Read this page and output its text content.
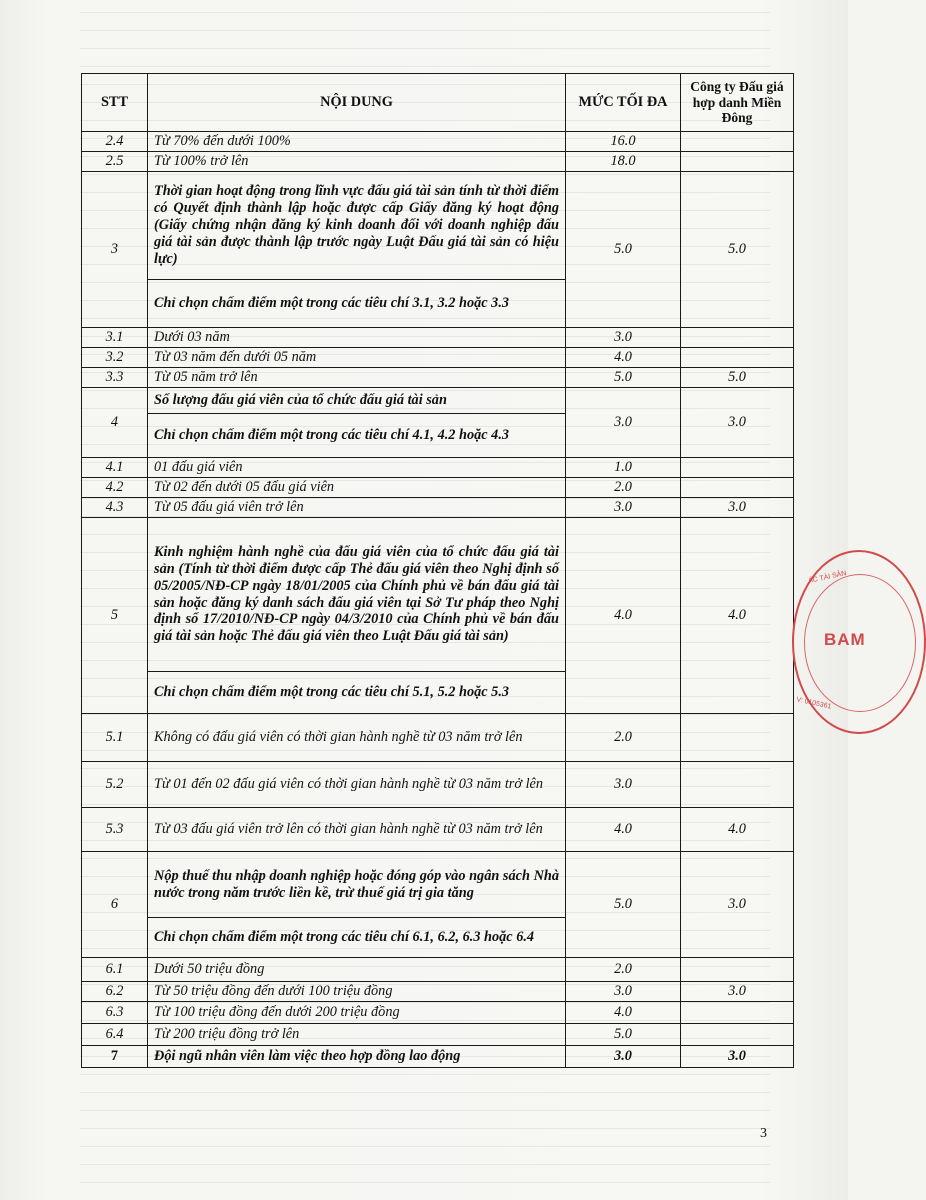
STT	NỘI DUNG	MỨC TỐI ĐA	Công ty Đấu giá hợp danh Miền Đông
2.4	Từ 70% đến dưới 100%	16.0	
2.5	Từ 100% trở lên	18.0	
3	Thời gian hoạt động trong lĩnh vực đấu giá tài sản tính từ thời điểm có Quyết định thành lập hoặc được cấp Giấy đăng ký hoạt động (Giấy chứng nhận đăng ký kinh doanh đối với doanh nghiệp đấu giá tài sản được thành lập trước ngày Luật Đấu giá tài sản có hiệu lực)	5.0	5.0
	Chỉ chọn chấm điểm một trong các tiêu chí 3.1, 3.2 hoặc 3.3		
3.1	Dưới 03 năm	3.0	
3.2	Từ 03 năm đến dưới 05 năm	4.0	
3.3	Từ 05 năm trở lên	5.0	5.0
4	Số lượng đấu giá viên của tổ chức đấu giá tài sản	3.0	3.0
	Chỉ chọn chấm điểm một trong các tiêu chí 4.1, 4.2 hoặc 4.3		
4.1	01 đấu giá viên	1.0	
4.2	Từ 02 đến dưới 05 đấu giá viên	2.0	
4.3	Từ 05 đấu giá viên trở lên	3.0	3.0
5	Kinh nghiệm hành nghề của đấu giá viên của tổ chức đấu giá tài sản (Tính từ thời điểm được cấp Thẻ đấu giá viên theo Nghị định số 05/2005/NĐ-CP ngày 18/01/2005 của Chính phủ về bán đấu giá tài sản hoặc đăng ký danh sách đấu giá viên tại Sở Tư pháp theo Nghị định số 17/2010/NĐ-CP ngày 04/3/2010 của Chính phủ về bán đấu giá tài sản hoặc Thẻ đấu giá viên theo Luật Đấu giá tài sản)	4.0	4.0
	Chỉ chọn chấm điểm một trong các tiêu chí 5.1, 5.2 hoặc 5.3		
5.1	Không có đấu giá viên có thời gian hành nghề từ 03 năm trở lên	2.0	
5.2	Từ 01 đến 02 đấu giá viên có thời gian hành nghề từ 03 năm trở lên	3.0	
5.3	Từ 03 đấu giá viên trở lên có thời gian hành nghề từ 03 năm trở lên	4.0	4.0
6	Nộp thuế thu nhập doanh nghiệp hoặc đóng góp vào ngân sách Nhà nước trong năm trước liền kề, trừ thuế giá trị gia tăng	5.0	3.0
	Chỉ chọn chấm điểm một trong các tiêu chí 6.1, 6.2, 6.3 hoặc 6.4		
6.1	Dưới 50 triệu đồng	2.0	
6.2	Từ 50 triệu đồng đến dưới 100 triệu đồng	3.0	3.0
6.3	Từ 100 triệu đồng đến dưới 200 triệu đồng	4.0	
6.4	Từ 200 triệu đồng trở lên	5.0	
7	Đội ngũ nhân viên làm việc theo hợp đồng lao động	3.0	3.0
ÁC TÀI SẢN
BAM
V: 0105361
3
